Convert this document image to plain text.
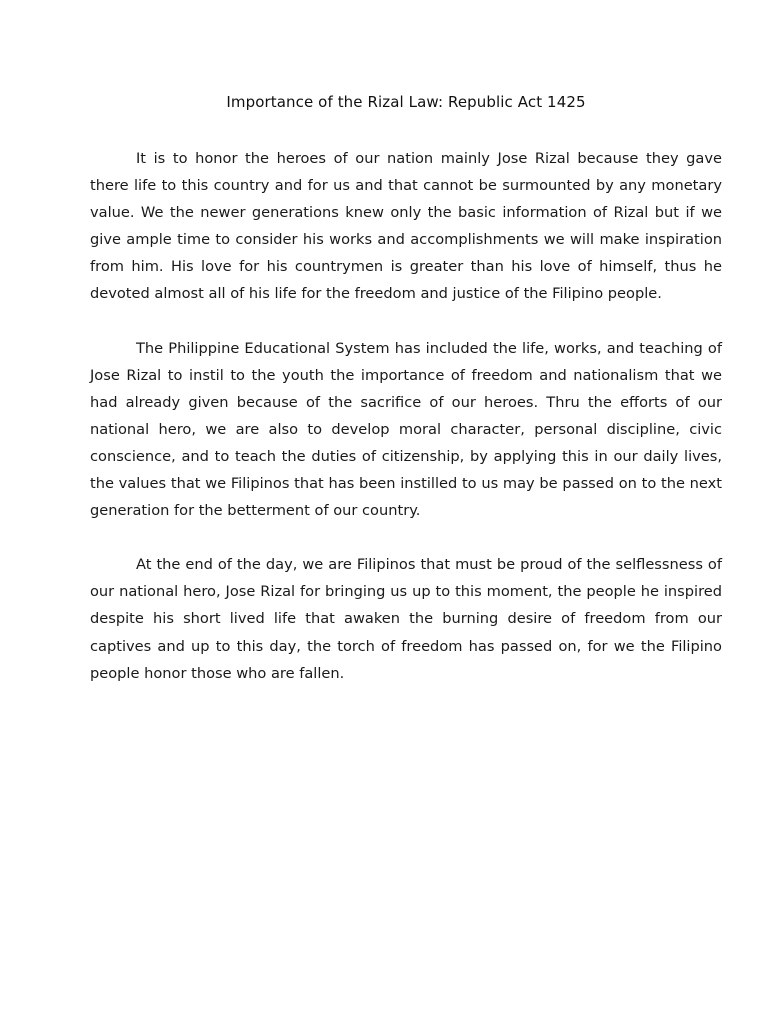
Importance of the Rizal Law: Republic Act 1425

It is to honor the heroes of our nation mainly Jose Rizal because they gave there life to this country and for us and that cannot be surmounted by any monetary value. We the newer generations knew only the basic information of Rizal but if we give ample time to consider his works and accomplishments we will make inspiration from him. His love for his countrymen is greater than his love of himself, thus he devoted almost all of his life for the freedom and justice of the Filipino people.

The Philippine Educational System has included the life, works, and teaching of Jose Rizal to instil to the youth the importance of freedom and nationalism that we had already given because of the sacrifice of our heroes. Thru the efforts of our national hero, we are also to develop moral character, personal discipline, civic conscience, and to teach the duties of citizenship, by applying this in our daily lives, the values that we Filipinos that has been instilled to us may be passed on to the next generation for the betterment of our country.

At the end of the day, we are Filipinos that must be proud of the selflessness of our national hero, Jose Rizal for bringing us up to this moment, the people he inspired despite his short lived life that awaken the burning desire of freedom from our captives and up to this day, the torch of freedom has passed on, for we the Filipino people honor those who are fallen.
